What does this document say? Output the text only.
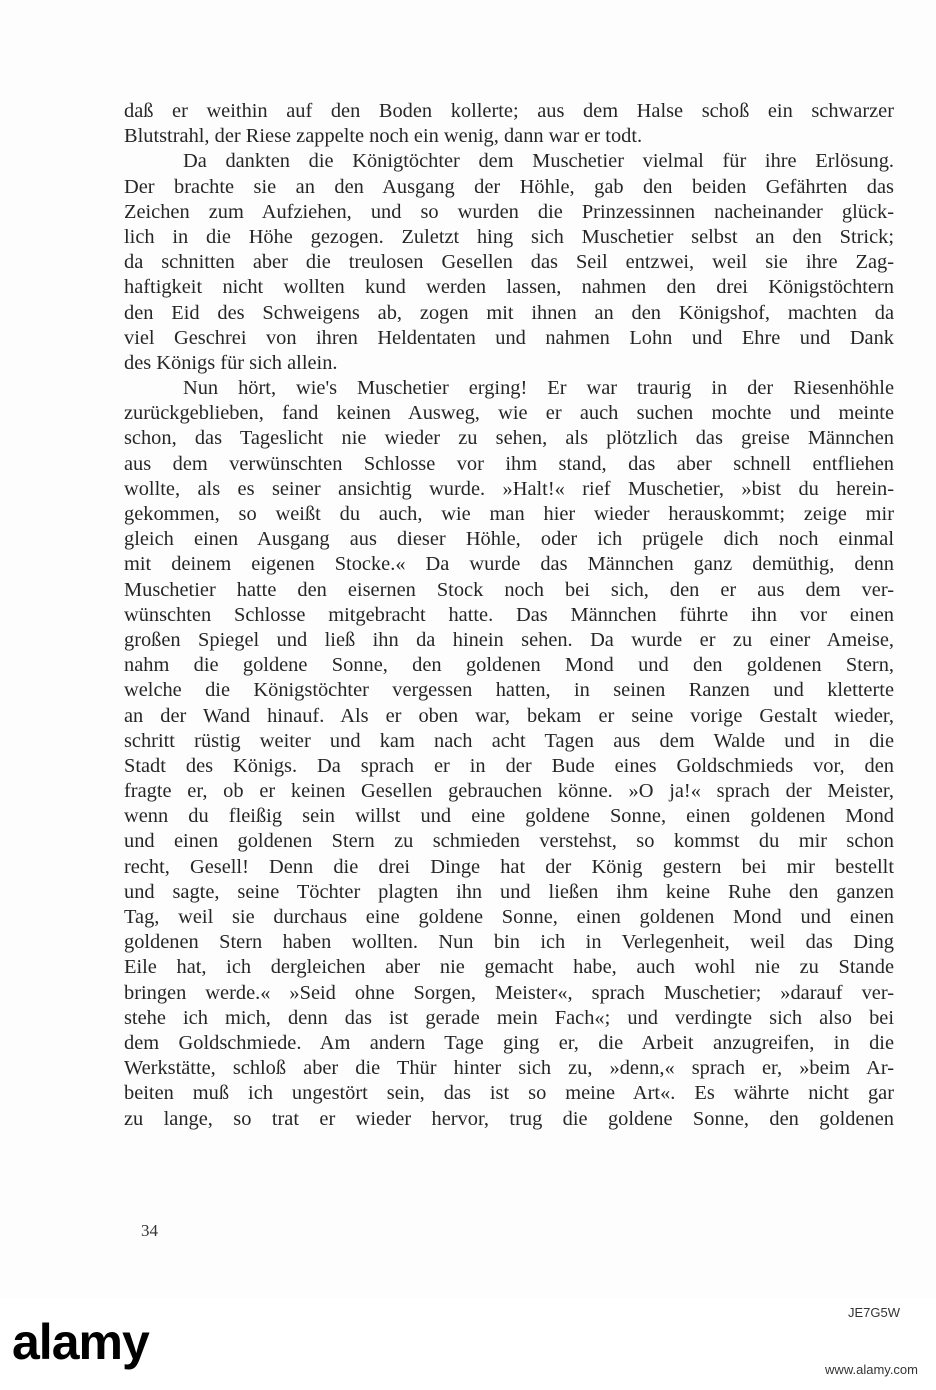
daß er weithin auf den Boden kollerte; aus dem Halse schoß ein schwarzer
Blutstrahl, der Riese zappelte noch ein wenig, dann war er todt.
Da dankten die Königtöchter dem Muschetier vielmal für ihre Erlösung.
Der brachte sie an den Ausgang der Höhle, gab den beiden Gefährten das
Zeichen zum Aufziehen, und so wurden die Prinzessinnen nacheinander glück-
lich in die Höhe gezogen. Zuletzt hing sich Muschetier selbst an den Strick;
da schnitten aber die treulosen Gesellen das Seil entzwei, weil sie ihre Zag-
haftigkeit nicht wollten kund werden lassen, nahmen den drei Königstöchtern
den Eid des Schweigens ab, zogen mit ihnen an den Königshof, machten da
viel Geschrei von ihren Heldentaten und nahmen Lohn und Ehre und Dank
des Königs für sich allein.
Nun hört, wie's Muschetier erging! Er war traurig in der Riesenhöhle
zurückgeblieben, fand keinen Ausweg, wie er auch suchen mochte und meinte
schon, das Tageslicht nie wieder zu sehen, als plötzlich das greise Männchen
aus dem verwünschten Schlosse vor ihm stand, das aber schnell entfliehen
wollte, als es seiner ansichtig wurde. »Halt!« rief Muschetier, »bist du herein-
gekommen, so weißt du auch, wie man hier wieder herauskommt; zeige mir
gleich einen Ausgang aus dieser Höhle, oder ich prügele dich noch einmal
mit deinem eigenen Stocke.« Da wurde das Männchen ganz demüthig, denn
Muschetier hatte den eisernen Stock noch bei sich, den er aus dem ver-
wünschten Schlosse mitgebracht hatte. Das Männchen führte ihn vor einen
großen Spiegel und ließ ihn da hinein sehen. Da wurde er zu einer Ameise,
nahm die goldene Sonne, den goldenen Mond und den goldenen Stern,
welche die Königstöchter vergessen hatten, in seinen Ranzen und kletterte
an der Wand hinauf. Als er oben war, bekam er seine vorige Gestalt wieder,
schritt rüstig weiter und kam nach acht Tagen aus dem Walde und in die
Stadt des Königs. Da sprach er in der Bude eines Goldschmieds vor, den
fragte er, ob er keinen Gesellen gebrauchen könne. »O ja!« sprach der Meister,
wenn du fleißig sein willst und eine goldene Sonne, einen goldenen Mond
und einen goldenen Stern zu schmieden verstehst, so kommst du mir schon
recht, Gesell! Denn die drei Dinge hat der König gestern bei mir bestellt
und sagte, seine Töchter plagten ihn und ließen ihm keine Ruhe den ganzen
Tag, weil sie durchaus eine goldene Sonne, einen goldenen Mond und einen
goldenen Stern haben wollten. Nun bin ich in Verlegenheit, weil das Ding
Eile hat, ich dergleichen aber nie gemacht habe, auch wohl nie zu Stande
bringen werde.« »Seid ohne Sorgen, Meister«, sprach Muschetier; »darauf ver-
stehe ich mich, denn das ist gerade mein Fach«; und verdingte sich also bei
dem Goldschmiede. Am andern Tage ging er, die Arbeit anzugreifen, in die
Werkstätte, schloß aber die Thür hinter sich zu, »denn,« sprach er, »beim Ar-
beiten muß ich ungestört sein, das ist so meine Art«. Es währte nicht gar
zu lange, so trat er wieder hervor, trug die goldene Sonne, den goldenen
34
alamy
JE7G5W
www.alamy.com
